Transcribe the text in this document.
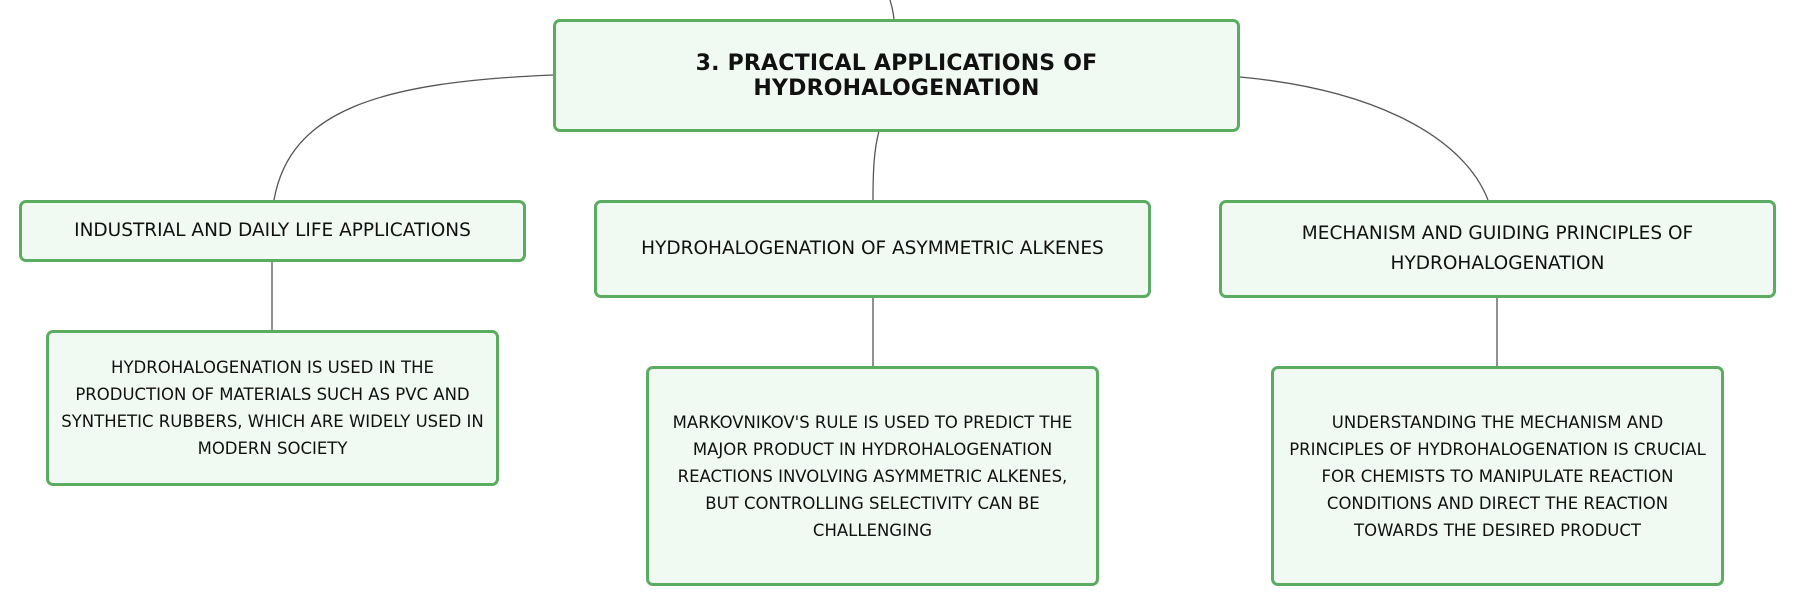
3. PRACTICAL APPLICATIONS OF HYDROHALOGENATION
INDUSTRIAL AND DAILY LIFE APPLICATIONS
HYDROHALOGENATION OF ASYMMETRIC ALKENES
MECHANISM AND GUIDING PRINCIPLES OF HYDROHALOGENATION
HYDROHALOGENATION IS USED IN THE PRODUCTION OF MATERIALS SUCH AS PVC AND SYNTHETIC RUBBERS, WHICH ARE WIDELY USED IN MODERN SOCIETY
MARKOVNIKOV'S RULE IS USED TO PREDICT THE MAJOR PRODUCT IN HYDROHALOGENATION REACTIONS INVOLVING ASYMMETRIC ALKENES, BUT CONTROLLING SELECTIVITY CAN BE CHALLENGING
UNDERSTANDING THE MECHANISM AND PRINCIPLES OF HYDROHALOGENATION IS CRUCIAL FOR CHEMISTS TO MANIPULATE REACTION CONDITIONS AND DIRECT THE REACTION TOWARDS THE DESIRED PRODUCT
